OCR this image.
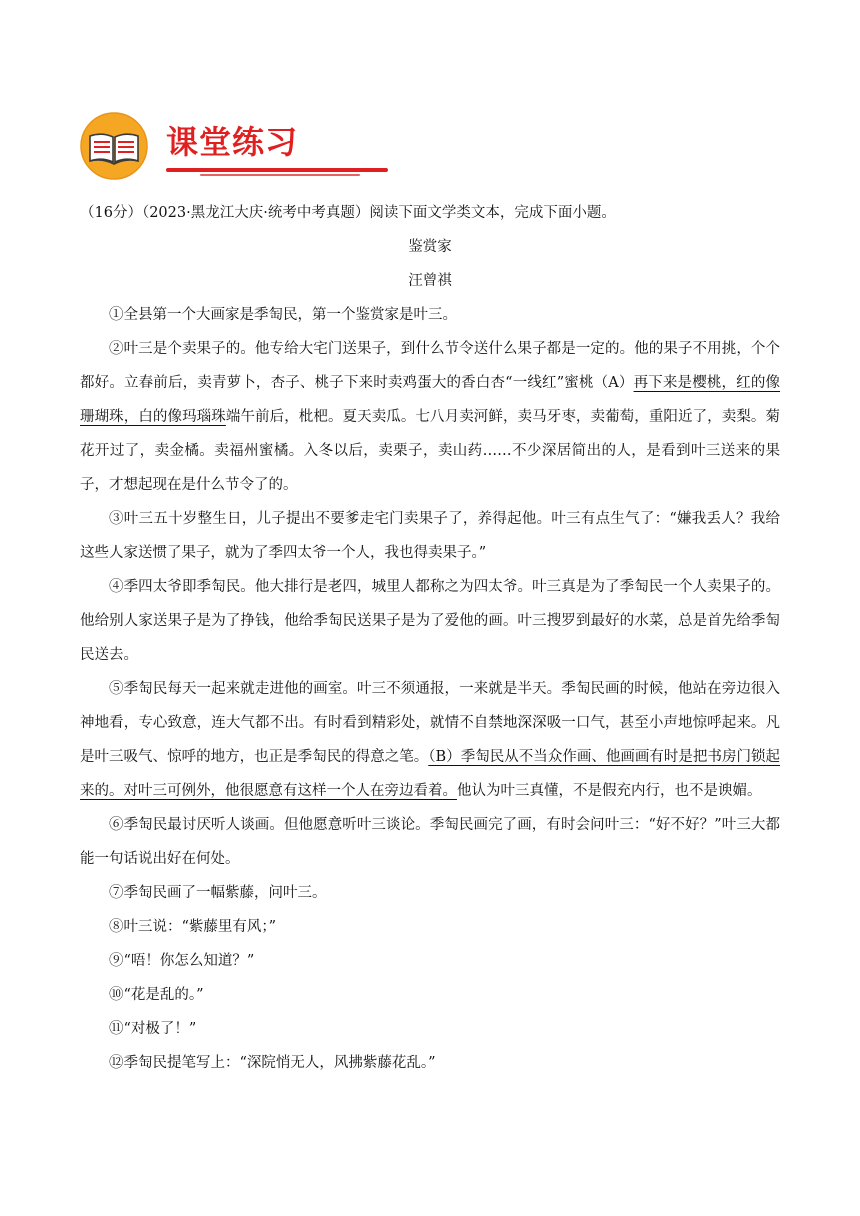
课堂练习

（16分）（2023·黑龙江大庆·统考中考真题）阅读下面文学类文本，完成下面小题。

鉴赏家

汪曾祺

①全县第一个大画家是季匋民，第一个鉴赏家是叶三。

②叶三是个卖果子的。他专给大宅门送果子，到什么节令送什么果子都是一定的。他的果子不用挑，个个都好。立春前后，卖青萝卜，杏子、桃子下来时卖鸡蛋大的香白杏“一线红”蜜桃（A）再下来是樱桃，红的像珊瑚珠，白的像玛瑙珠端午前后，枇杷。夏天卖瓜。七八月卖河鲜，卖马牙枣，卖葡萄，重阳近了，卖梨。菊花开过了，卖金橘。卖福州蜜橘。入冬以后，卖栗子，卖山药……不少深居简出的人，是看到叶三送来的果子，才想起现在是什么节令了的。

③叶三五十岁整生日，儿子提出不要爹走宅门卖果子了，养得起他。叶三有点生气了：“嫌我丢人？我给这些人家送惯了果子，就为了季四太爷一个人，我也得卖果子。”

④季四太爷即季匋民。他大排行是老四，城里人都称之为四太爷。叶三真是为了季匋民一个人卖果子的。他给别人家送果子是为了挣钱，他给季匋民送果子是为了爱他的画。叶三搜罗到最好的水菜，总是首先给季匋民送去。

⑤季匋民每天一起来就走进他的画室。叶三不须通报，一来就是半天。季匋民画的时候，他站在旁边很入神地看，专心致意，连大气都不出。有时看到精彩处，就情不自禁地深深吸一口气，甚至小声地惊呼起来。凡是叶三吸气、惊呼的地方，也正是季匋民的得意之笔。（B）季匋民从不当众作画、他画画有时是把书房门锁起来的。对叶三可例外，他很愿意有这样一个人在旁边看着。他认为叶三真懂，不是假充内行，也不是谀媚。

⑥季匋民最讨厌听人谈画。但他愿意听叶三谈论。季匋民画完了画，有时会问叶三：“好不好？”叶三大都能一句话说出好在何处。

⑦季匋民画了一幅紫藤，问叶三。

⑧叶三说：“紫藤里有风；”

⑨“唔！你怎么知道？”

⑩“花是乱的。”

⑪“对极了！”

⑫季匋民提笔写上：“深院悄无人，风拂紫藤花乱。”
